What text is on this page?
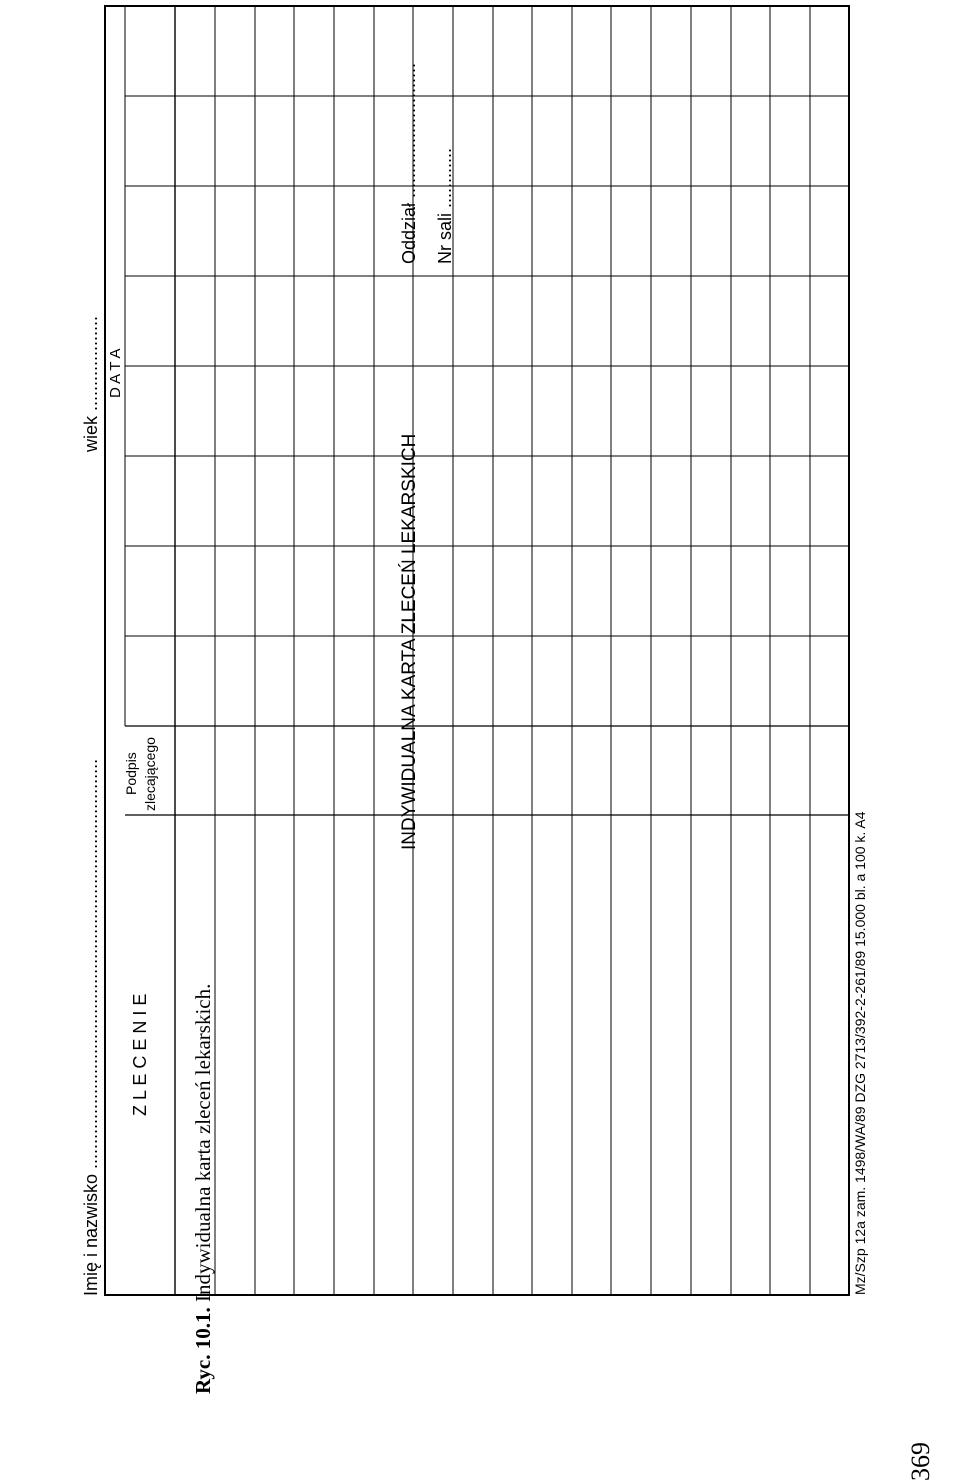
Imię i nazwisko ..................................................................................
wiek ...................
INDYWIDUALNA KARTA ZLECEŃ LEKARSKICH
Oddział ........................... Nr sali ............
Z L E C E N I E
Podpis zlecającego
D A T A
Mz/Szp 12a zam. 1498/WA/89 DZG 2713/392-2-261/89 15.000 bl. a 100 k. A4
Ryc. 10.1. Indywidualna karta zleceń lekarskich.
369
